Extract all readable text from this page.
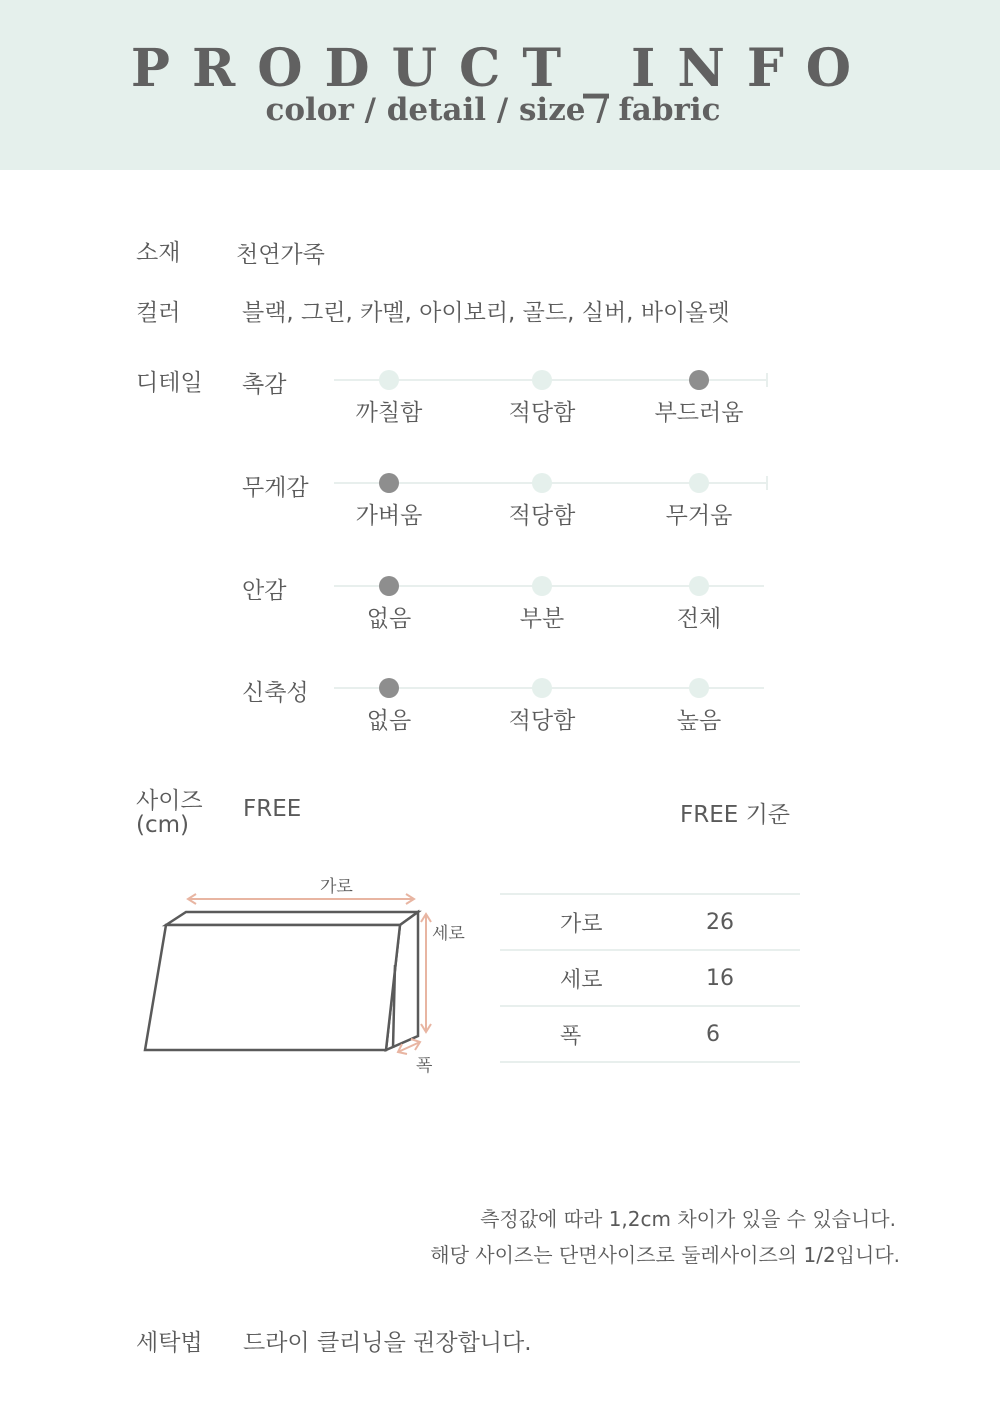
PRODUCT_INFO
color / detail / size / fabric
소재 천연가죽
컬러	블랙, 그린, 카멜, 아이보리, 골드, 실버, 바이올렛
디테일 촉감
까칠함	적당함	부드러움
무게감
가벼움	적당함	무거움
안감
없음	부분	전체
신축성
없음	적당함	높음
사이즈
(cm)
FREE	FREE 기준
가로
세로
폭
가로	26
세로	16
폭	6
측정값에 따라 1,2cm 차이가 있을 수 있습니다.
해당 사이즈는 단면사이즈로 둘레사이즈의 1/2입니다.
세탁법 드라이 클리닝을 권장합니다.
